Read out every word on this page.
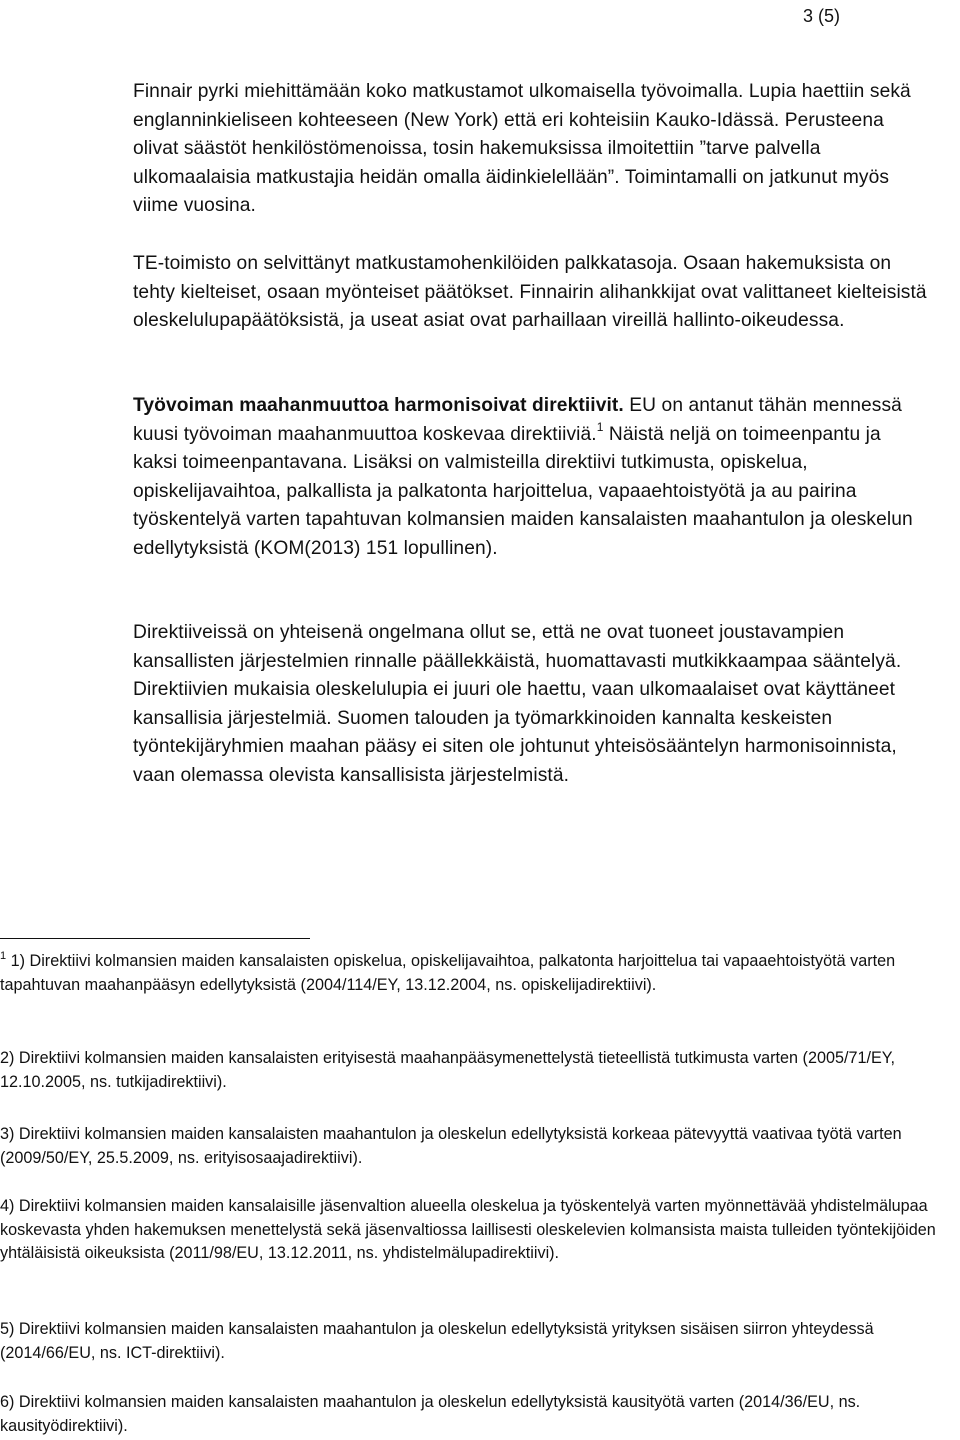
3 (5)

Finnair pyrki miehittämään koko matkustamot ulkomaisella työvoimalla. Lupia haettiin sekä englanninkieliseen kohteeseen (New York) että eri kohteisiin Kauko-Idässä. Perusteena olivat säästöt henkilöstömenoissa, tosin hakemuksissa ilmoitettiin ”tarve palvella ulkomaalaisia matkustajia heidän omalla äidinkielellään”. Toimintamalli on jatkunut myös viime vuosina.

TE-toimisto on selvittänyt matkustamohenkilöiden palkkatasoja. Osaan hakemuksista on tehty kielteiset, osaan myönteiset päätökset. Finnairin alihankkijat ovat valittaneet kielteisistä oleskelulupapäätöksistä, ja useat asiat ovat parhaillaan vireillä hallinto-oikeudessa.

Työvoiman maahanmuuttoa harmonisoivat direktiivit. EU on antanut tähän mennessä kuusi työvoiman maahanmuuttoa koskevaa direktiiviä.$^1$ Näistä neljä on toimeenpantu ja kaksi toimeenpantavana. Lisäksi on valmisteilla direktiivi tutkimusta, opiskelua, opiskelijavaihtoa, palkallista ja palkatonta harjoittelua, vapaaehtoistyötä ja au pairina työskentelyä varten tapahtuvan kolmansien maiden kansalaisten maahantulon ja oleskelun edellytyksistä (KOM(2013) 151 lopullinen).

Direktiiveissä on yhteisenä ongelmana ollut se, että ne ovat tuoneet joustavampien kansallisten järjestelmien rinnalle päällekkäistä, huomattavasti mutkikkaampaa sääntelyä. Direktiivien mukaisia oleskelulupia ei juuri ole haettu, vaan ulkomaalaiset ovat käyttäneet kansallisia järjestelmiä. Suomen talouden ja työmarkkinoiden kannalta keskeisten työntekijäryhmien maahan pääsy ei siten ole johtunut yhteisösääntelyn harmonisoinnista, vaan olemassa olevista kansallisista järjestelmistä.

$^1$ 1) Direktiivi kolmansien maiden kansalaisten opiskelua, opiskelijavaihtoa, palkatonta harjoittelua tai vapaaehtoistyötä varten tapahtuvan maahanpääsyn edellytyksistä (2004/114/EY, 13.12.2004, ns. opiskelijadirektiivi).

2) Direktiivi kolmansien maiden kansalaisten erityisestä maahanpääsymenettelystä tieteellistä tutkimusta varten (2005/71/EY, 12.10.2005, ns. tutkijadirektiivi).

3) Direktiivi kolmansien maiden kansalaisten maahantulon ja oleskelun edellytyksistä korkeaa pätevyyttä vaativaa työtä varten (2009/50/EY, 25.5.2009, ns. erityisosaajadirektiivi).

4) Direktiivi kolmansien maiden kansalaisille jäsenvaltion alueella oleskelua ja työskentelyä varten myönnettävää yhdistelmälupaa koskevasta yhden hakemuksen menettelystä sekä jäsenvaltiossa laillisesti oleskelevien kolmansista maista tulleiden työntekijöiden yhtäläisistä oikeuksista (2011/98/EU, 13.12.2011, ns. yhdistelmälupadirektiivi).

5) Direktiivi kolmansien maiden kansalaisten maahantulon ja oleskelun edellytyksistä yrityksen sisäisen siirron yhteydessä (2014/66/EU, ns. ICT-direktiivi).

6) Direktiivi kolmansien maiden kansalaisten maahantulon ja oleskelun edellytyksistä kausityötä varten (2014/36/EU, ns. kausityödirektiivi).
